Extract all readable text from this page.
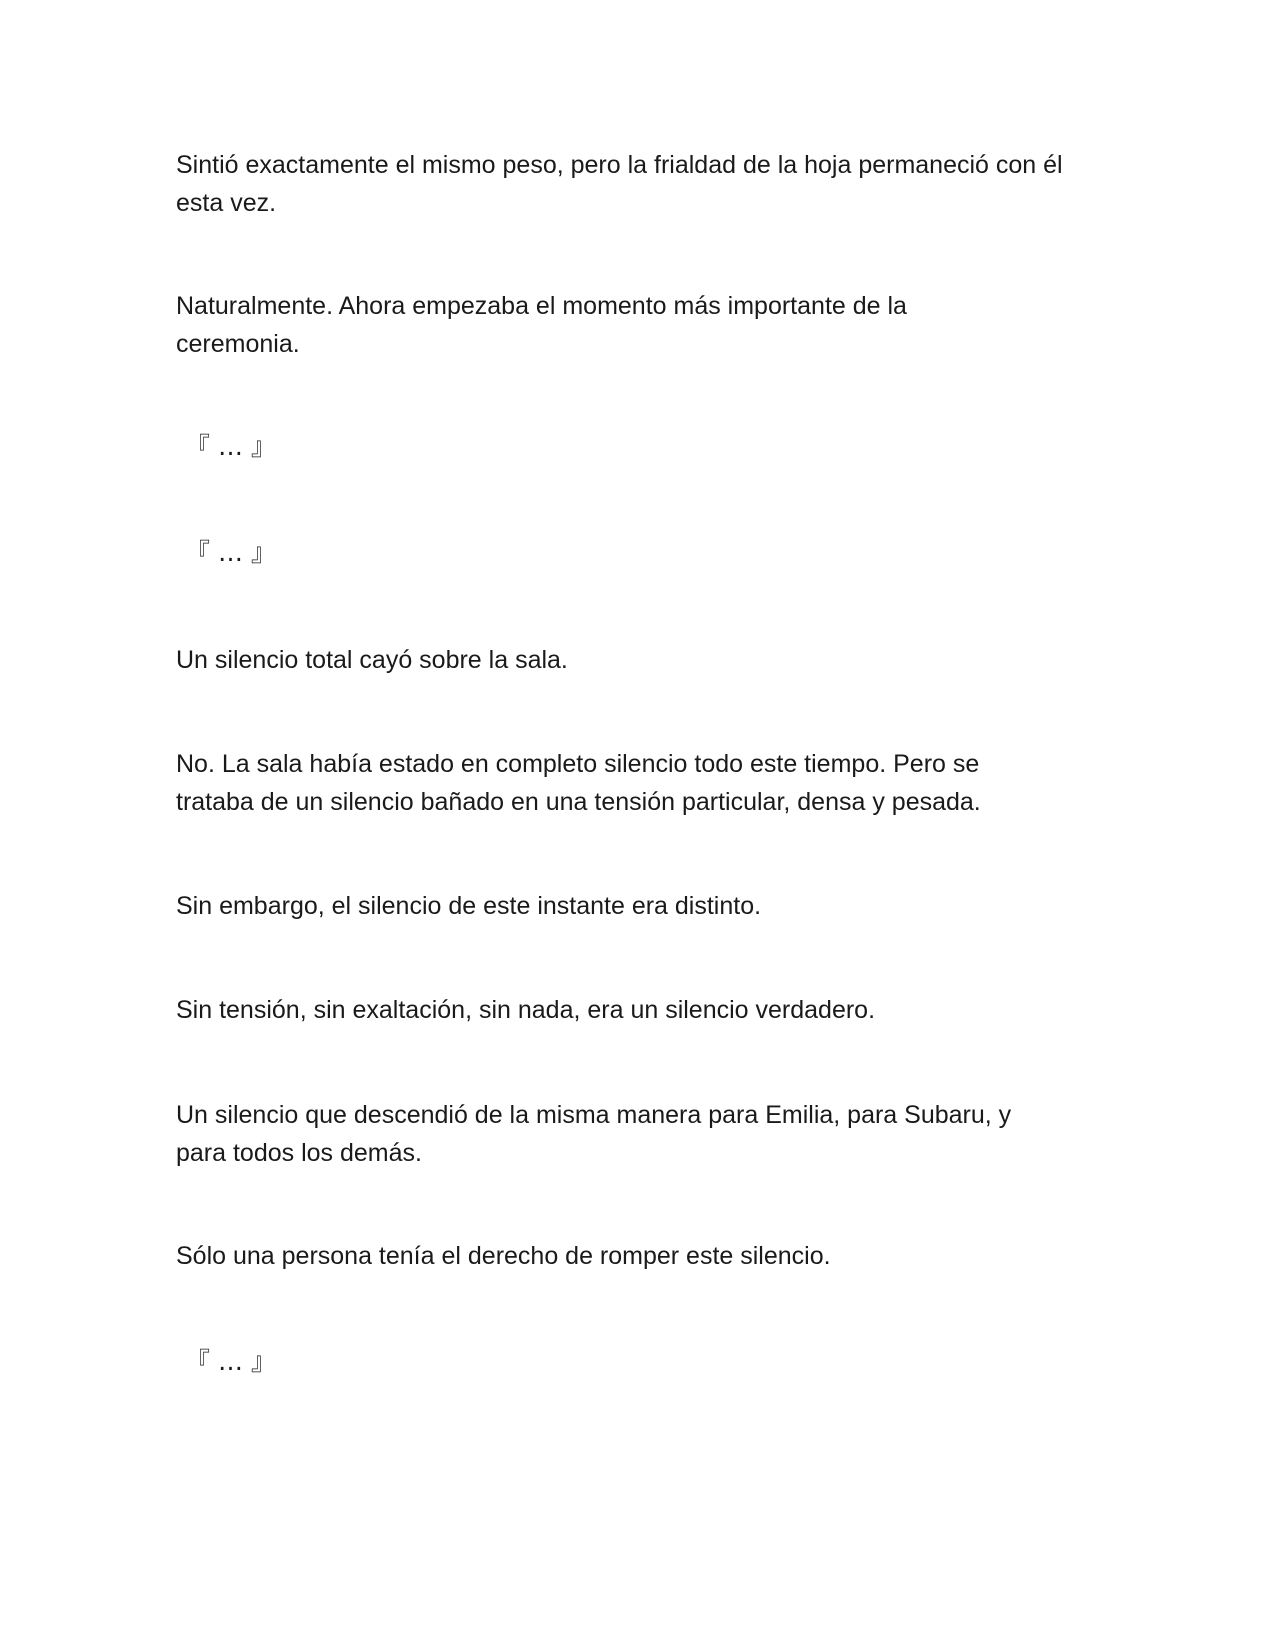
Sintió exactamente el mismo peso, pero la frialdad de la hoja permaneció con él esta vez.

Naturalmente. Ahora empezaba el momento más importante de la ceremonia.

『 … 』

『 … 』

Un silencio total cayó sobre la sala.

No. La sala había estado en completo silencio todo este tiempo. Pero se trataba de un silencio bañado en una tensión particular, densa y pesada.

Sin embargo, el silencio de este instante era distinto.

Sin tensión, sin exaltación, sin nada, era un silencio verdadero.

Un silencio que descendió de la misma manera para Emilia, para Subaru, y para todos los demás.

Sólo una persona tenía el derecho de romper este silencio.

『 … 』
